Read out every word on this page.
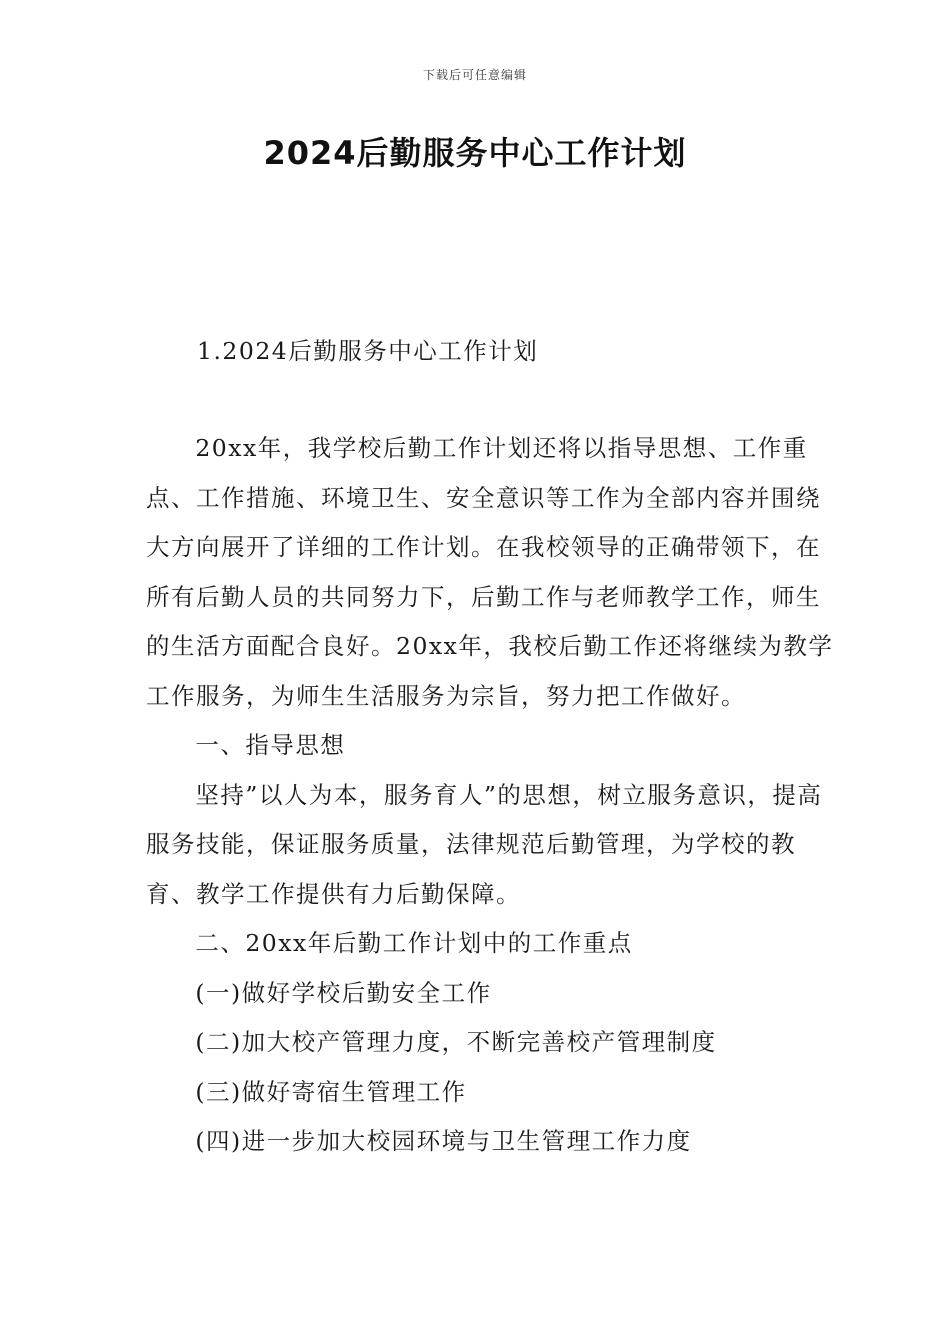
下载后可任意编辑
2024后勤服务中心工作计划
1.2024后勤服务中心工作计划

20xx年，我学校后勤工作计划还将以指导思想、工作重点、工作措施、环境卫生、安全意识等工作为全部内容并围绕大方向展开了详细的工作计划。在我校领导的正确带领下，在所有后勤人员的共同努力下，后勤工作与老师教学工作，师生的生活方面配合良好。20xx年，我校后勤工作还将继续为教学工作服务，为师生生活服务为宗旨，努力把工作做好。

一、指导思想

坚持”以人为本，服务育人”的思想，树立服务意识，提高服务技能，保证服务质量，法律规范后勤管理，为学校的教育、教学工作提供有力后勤保障。

二、20xx年后勤工作计划中的工作重点

(一)做好学校后勤安全工作

(二)加大校产管理力度，不断完善校产管理制度

(三)做好寄宿生管理工作

(四)进一步加大校园环境与卫生管理工作力度
